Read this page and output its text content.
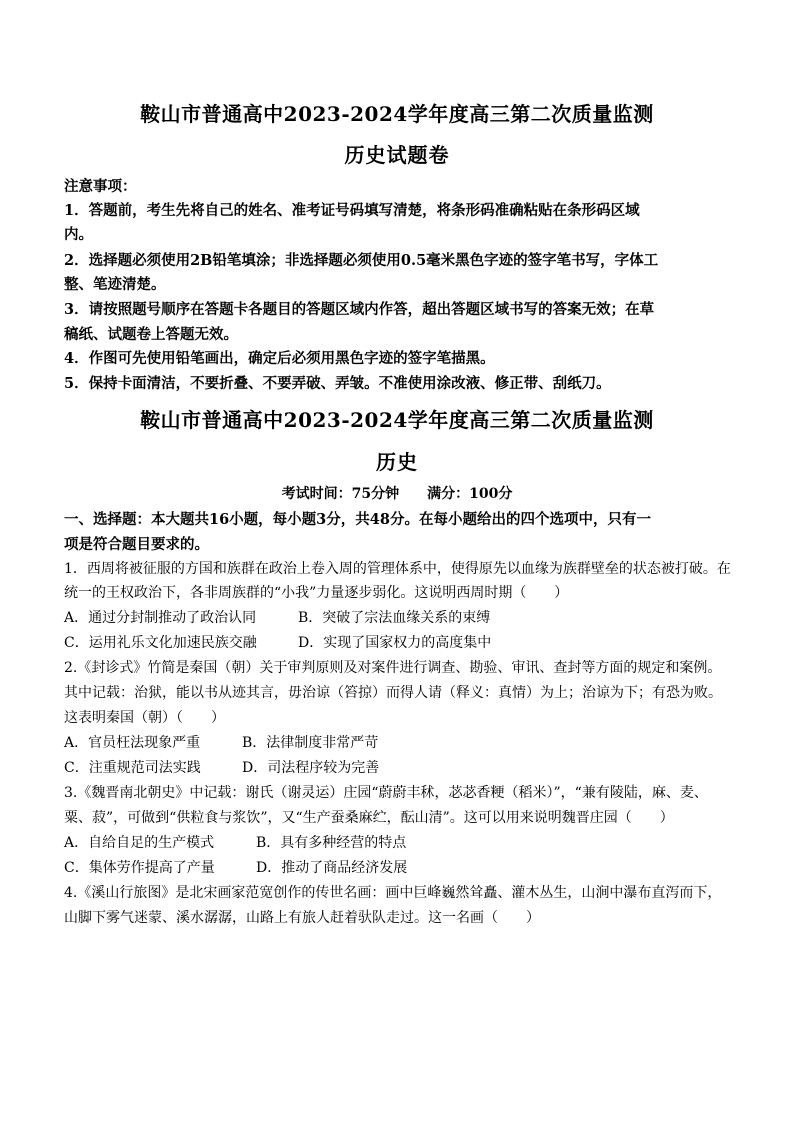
鞍山市普通高中2023-2024学年度高三第二次质量监测
历史试题卷
注意事项：
1．答题前，考生先将自己的姓名、准考证号码填写清楚，将条形码准确粘贴在条形码区域
内。
2．选择题必须使用2B铅笔填涂；非选择题必须使用0.5毫米黑色字迹的签字笔书写，字体工
整、笔迹清楚。
3．请按照题号顺序在答题卡各题目的答题区域内作答，超出答题区域书写的答案无效；在草
稿纸、试题卷上答题无效。
4．作图可先使用铅笔画出，确定后必须用黑色字迹的签字笔描黑。
5．保持卡面清洁，不要折叠、不要弄破、弄皱。不准使用涂改液、修正带、刮纸刀。
鞍山市普通高中2023-2024学年度高三第二次质量监测
历史
考试时间：75分钟 满分：100分
一、选择题：本大题共16小题，每小题3分，共48分。在每小题给出的四个选项中，只有一
项是符合题目要求的。
1．西周将被征服的方国和族群在政治上卷入周的管理体系中，使得原先以血缘为族群壁垒的状态被打破。在
统一的王权政治下，各非周族群的“小我”力量逐步弱化。这说明西周时期（　　）
A．通过分封制推动了政治认同	B．突破了宗法血缘关系的束缚
C．运用礼乐文化加速民族交融	D．实现了国家权力的高度集中
2.《封诊式》竹简是秦国（朝）关于审判原则及对案件进行调查、勘验、审讯、查封等方面的规定和案例。
其中记载：治狱，能以书从迹其言，毋治谅（笞掠）而得人请（释义：真情）为上；治谅为下；有恐为败。
这表明秦国（朝）（　　）
A．官员枉法现象严重	B．法律制度非常严苛
C．注重规范司法实践	D．司法程序较为完善
3.《魏晋南北朝史》中记载：谢氏（谢灵运）庄园“蔚蔚丰秫，苾苾香粳（稻米）”，“兼有陵陆，麻、麦、
粟、菽”，可做到“供粒食与浆饮”，又“生产蚕桑麻纻，酝山清”。这可以用来说明魏晋庄园（　　）
A．自给自足的生产模式	B．具有多种经营的特点
C．集体劳作提高了产量	D．推动了商品经济发展
4.《溪山行旅图》是北宋画家范宽创作的传世名画：画中巨峰巍然耸矗、灌木丛生，山涧中瀑布直泻而下，
山脚下雾气迷蒙、溪水潺潺，山路上有旅人赶着驮队走过。这一名画（　　）
